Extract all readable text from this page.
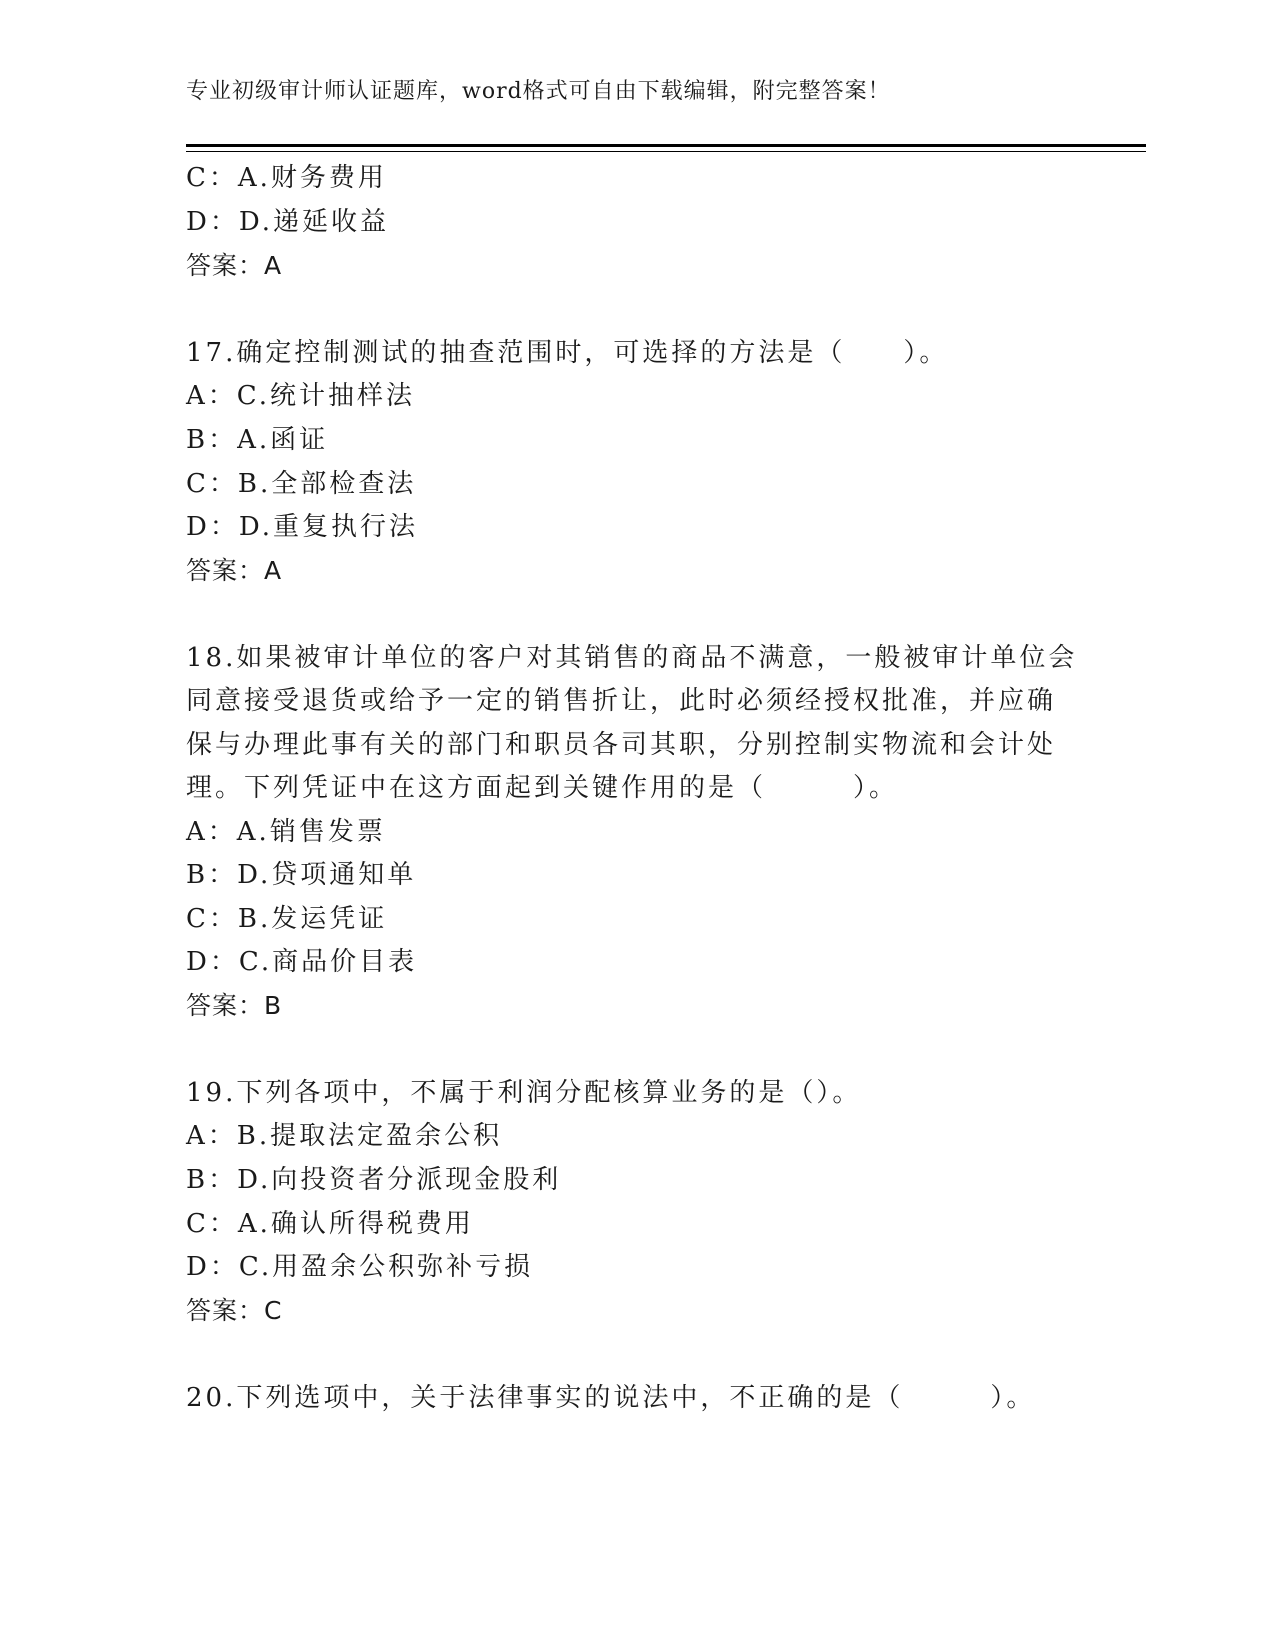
专业初级审计师认证题库，word格式可自由下载编辑，附完整答案！
C：A.财务费用
D：D.递延收益
答案：A
17.确定控制测试的抽查范围时，可选择的方法是（　　）。
A：C.统计抽样法
B：A.函证
C：B.全部检查法
D：D.重复执行法
答案：A
18.如果被审计单位的客户对其销售的商品不满意，一般被审计单位会
同意接受退货或给予一定的销售折让，此时必须经授权批准，并应确
保与办理此事有关的部门和职员各司其职，分别控制实物流和会计处
理。下列凭证中在这方面起到关键作用的是（　　　）。
A：A.销售发票
B：D.贷项通知单
C：B.发运凭证
D：C.商品价目表
答案：B
19.下列各项中，不属于利润分配核算业务的是（）。
A：B.提取法定盈余公积
B：D.向投资者分派现金股利
C：A.确认所得税费用
D：C.用盈余公积弥补亏损
答案：C
20.下列选项中，关于法律事实的说法中，不正确的是（　　　）。
